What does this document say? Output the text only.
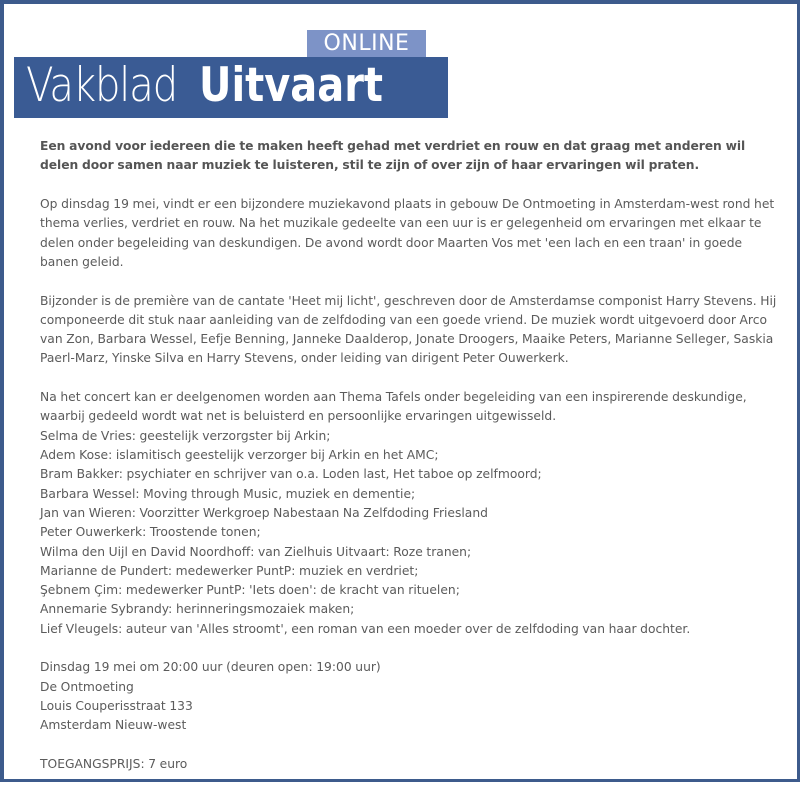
ONLINE
Vakblad Uitvaart

Een avond voor iedereen die te maken heeft gehad met verdriet en rouw en dat graag met anderen wil delen door samen naar muziek te luisteren, stil te zijn of over zijn of haar ervaringen wil praten.

Op dinsdag 19 mei, vindt er een bijzondere muziekavond plaats in gebouw De Ontmoeting in Amsterdam-west rond het thema verlies, verdriet en rouw. Na het muzikale gedeelte van een uur is er gelegenheid om ervaringen met elkaar te delen onder begeleiding van deskundigen. De avond wordt door Maarten Vos met 'een lach en een traan' in goede banen geleid.

Bijzonder is de première van de cantate 'Heet mij licht', geschreven door de Amsterdamse componist Harry Stevens. Hij componeerde dit stuk naar aanleiding van de zelfdoding van een goede vriend. De muziek wordt uitgevoerd door Arco van Zon, Barbara Wessel, Eefje Benning, Janneke Daalderop, Jonate Droogers, Maaike Peters, Marianne Selleger, Saskia Paerl-Marz, Yinske Silva en Harry Stevens, onder leiding van dirigent Peter Ouwerkerk.

Na het concert kan er deelgenomen worden aan Thema Tafels onder begeleiding van een inspirerende deskundige, waarbij gedeeld wordt wat net is beluisterd en persoonlijke ervaringen uitgewisseld.
Selma de Vries: geestelijk verzorgster bij Arkin;
Adem Kose: islamitisch geestelijk verzorger bij Arkin en het AMC;
Bram Bakker: psychiater en schrijver van o.a. Loden last, Het taboe op zelfmoord;
Barbara Wessel: Moving through Music, muziek en dementie;
Jan van Wieren: Voorzitter Werkgroep Nabestaan Na Zelfdoding Friesland
Peter Ouwerkerk: Troostende tonen;
Wilma den Uijl en David Noordhoff: van Zielhuis Uitvaart: Roze tranen;
Marianne de Pundert: medewerker PuntP: muziek en verdriet;
Şebnem Çim: medewerker PuntP: 'Iets doen': de kracht van rituelen;
Annemarie Sybrandy: herinneringsmozaiek maken;
Lief Vleugels: auteur van 'Alles stroomt', een roman van een moeder over de zelfdoding van haar dochter.

Dinsdag 19 mei om 20:00 uur (deuren open: 19:00 uur)
De Ontmoeting
Louis Couperisstraat 133
Amsterdam Nieuw-west

TOEGANGSPRIJS: 7 euro
